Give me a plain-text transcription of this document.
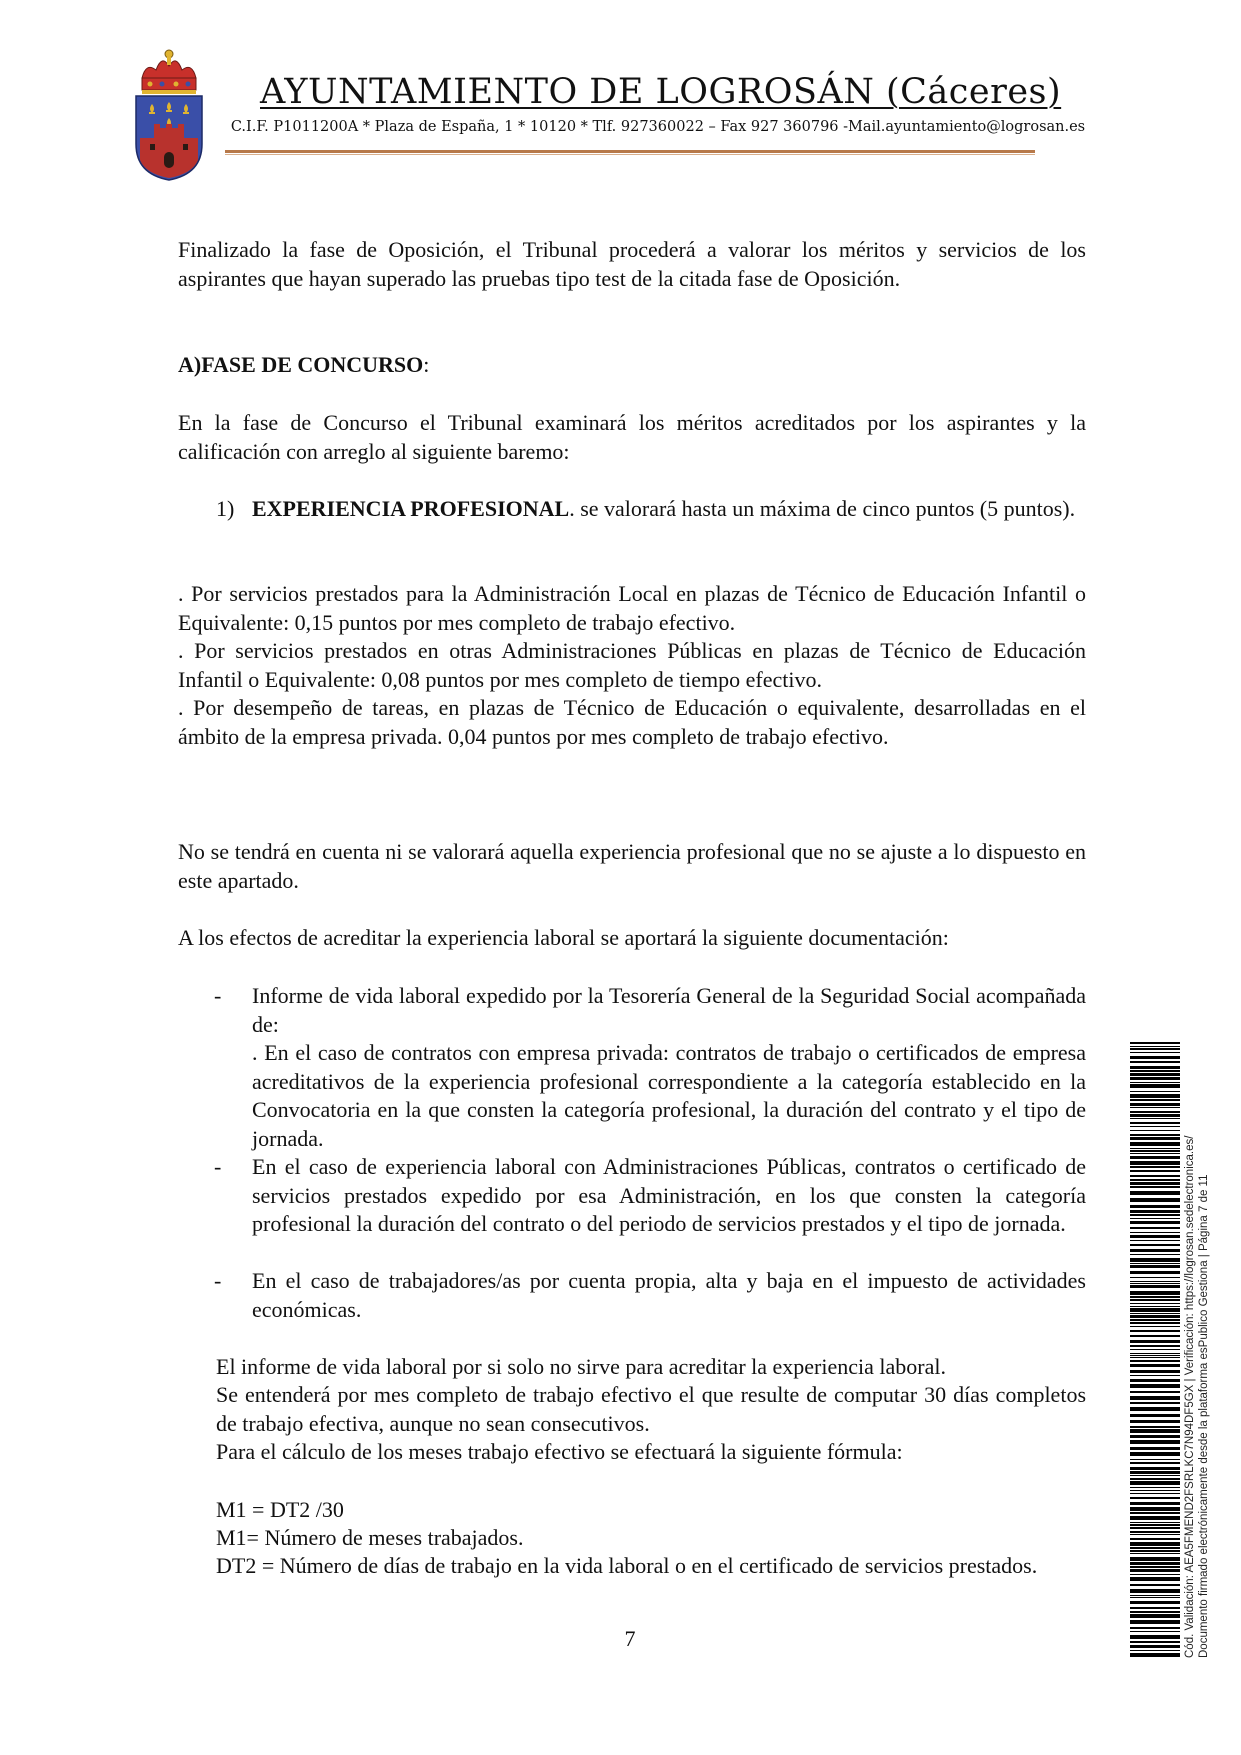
AYUNTAMIENTO DE LOGROSÁN (Cáceres)
C.I.F. P1011200A * Plaza de España, 1 * 10120 * Tlf. 927360022 – Fax 927 360796 -Mail.ayuntamiento@logrosan.es
Finalizado la fase de Oposición, el Tribunal procederá a valorar los méritos y servicios de los aspirantes que hayan superado las pruebas tipo test de la citada fase de Oposición.
A)FASE DE CONCURSO:
En la fase de Concurso el Tribunal examinará los méritos acreditados por los aspirantes y la calificación con arreglo al siguiente baremo:
1) EXPERIENCIA PROFESIONAL. se valorará hasta un máxima de cinco puntos (5 puntos).
. Por servicios prestados para la Administración Local en plazas de Técnico de Educación Infantil o Equivalente: 0,15 puntos por mes completo de trabajo efectivo.
. Por servicios prestados en otras Administraciones Públicas en plazas de Técnico de Educación Infantil o Equivalente: 0,08 puntos por mes completo de tiempo efectivo.
. Por desempeño de tareas, en plazas de Técnico de Educación o equivalente, desarrolladas en el ámbito de la empresa privada. 0,04 puntos por mes completo de trabajo efectivo.
No se tendrá en cuenta ni se valorará aquella experiencia profesional que no se ajuste a lo dispuesto en este apartado.
A los efectos de acreditar la experiencia laboral se aportará la siguiente documentación:
- Informe de vida laboral expedido por la Tesorería General de la Seguridad Social acompañada de:
. En el caso de contratos con empresa privada: contratos de trabajo o certificados de empresa acreditativos de la experiencia profesional correspondiente a la categoría establecido en la Convocatoria en la que consten la categoría profesional, la duración del contrato y el tipo de jornada.
- En el caso de experiencia laboral con Administraciones Públicas, contratos o certificado de servicios prestados expedido por esa Administración, en los que consten la categoría profesional la duración del contrato o del periodo de servicios prestados y el tipo de jornada.
- En el caso de trabajadores/as por cuenta propia, alta y baja en el impuesto de actividades económicas.
El informe de vida laboral por si solo no sirve para acreditar la experiencia laboral.
Se entenderá por mes completo de trabajo efectivo el que resulte de computar 30 días completos de trabajo efectiva, aunque no sean consecutivos.
Para el cálculo de los meses trabajo efectivo se efectuará la siguiente fórmula:
M1 = DT2 /30
M1= Número de meses trabajados.
DT2 = Número de días de trabajo en la vida laboral o en el certificado de servicios prestados.
7	Cód. Validación: AEA5FMEND2FSRLKC7N94DF5GX | Verificación: https://logrosan.sedelectronica.es/ Documento firmado electrónicamente desde la plataforma esPublico Gestiona | Página 7 de 11
